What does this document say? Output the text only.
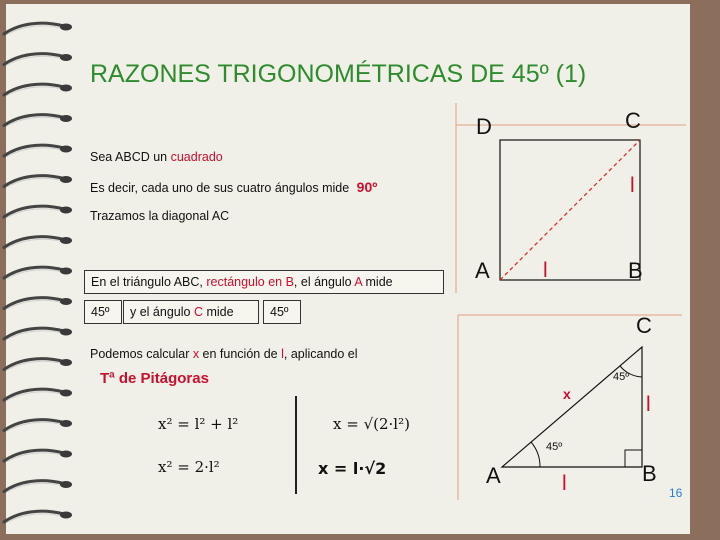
RAZONES TRIGONOMÉTRICAS DE 45º (1)
Sea ABCD un cuadrado
Es decir, cada uno de sus cuatro ángulos mide 90º
Trazamos la diagonal AC
En el triángulo ABC, rectángulo en B, el ángulo A mide
45º	y el ángulo C mide	45º
Podemos calcular x en función de l, aplicando el
Tª de Pitágoras
x² = l² + l²	x = √(2·l²)
x² = 2·l²	x = l·√2
D	C
l
A	l	B
C
45º
x	l
45º
A	l	B
16
